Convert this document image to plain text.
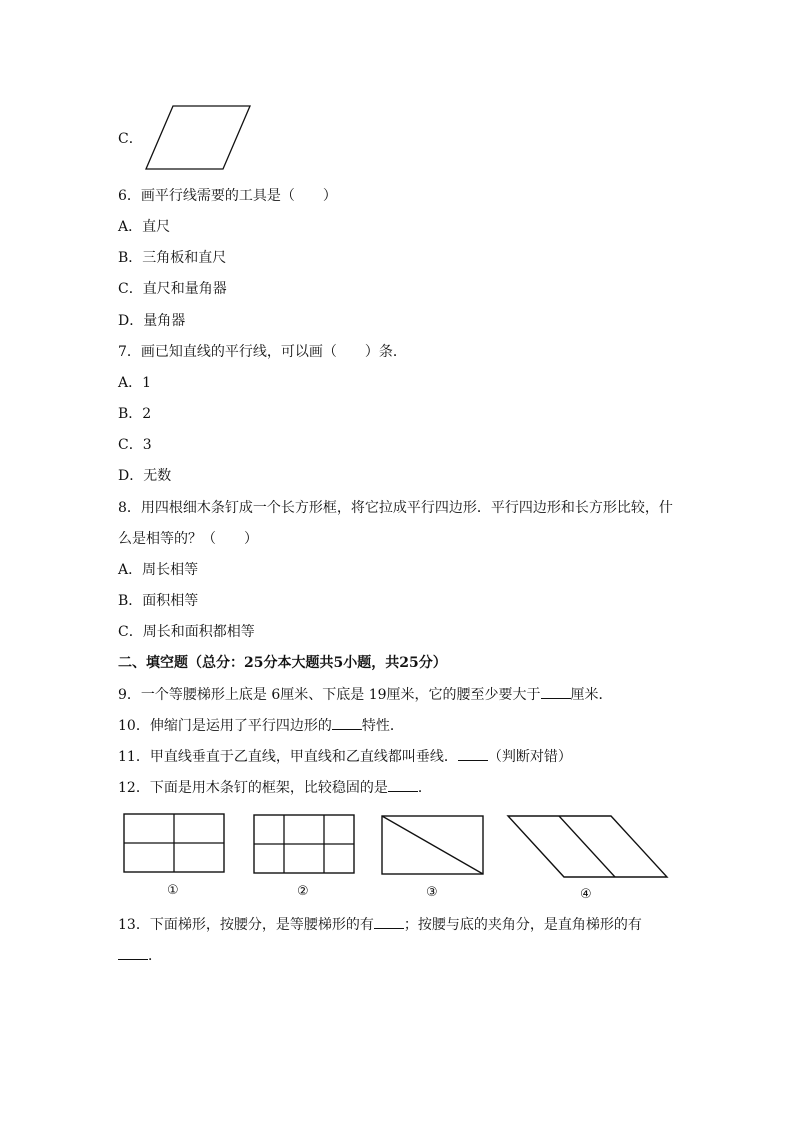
C．
6．画平行线需要的工具是（　　）
A．直尺
B．三角板和直尺
C．直尺和量角器
D．量角器
7．画已知直线的平行线，可以画（　　）条．
A．1
B．2
C．3
D．无数
8．用四根细木条钉成一个长方形框，将它拉成平行四边形．平行四边形和长方形比较，什
么是相等的？（　　）
A．周长相等
B．面积相等
C．周长和面积都相等
二、填空题（总分：25分本大题共5小题，共25分）
9．一个等腰梯形上底是 6厘米、下底是 19厘米，它的腰至少要大于 厘米．
10．伸缩门是运用了平行四边形的 特性．
11．甲直线垂直于乙直线，甲直线和乙直线都叫垂线． （判断对错）
12．下面是用木条钉的框架，比较稳固的是 ．
①	②	③	④
13．下面梯形，按腰分，是等腰梯形的有 ；按腰与底的夹角分，是直角梯形的有
．
